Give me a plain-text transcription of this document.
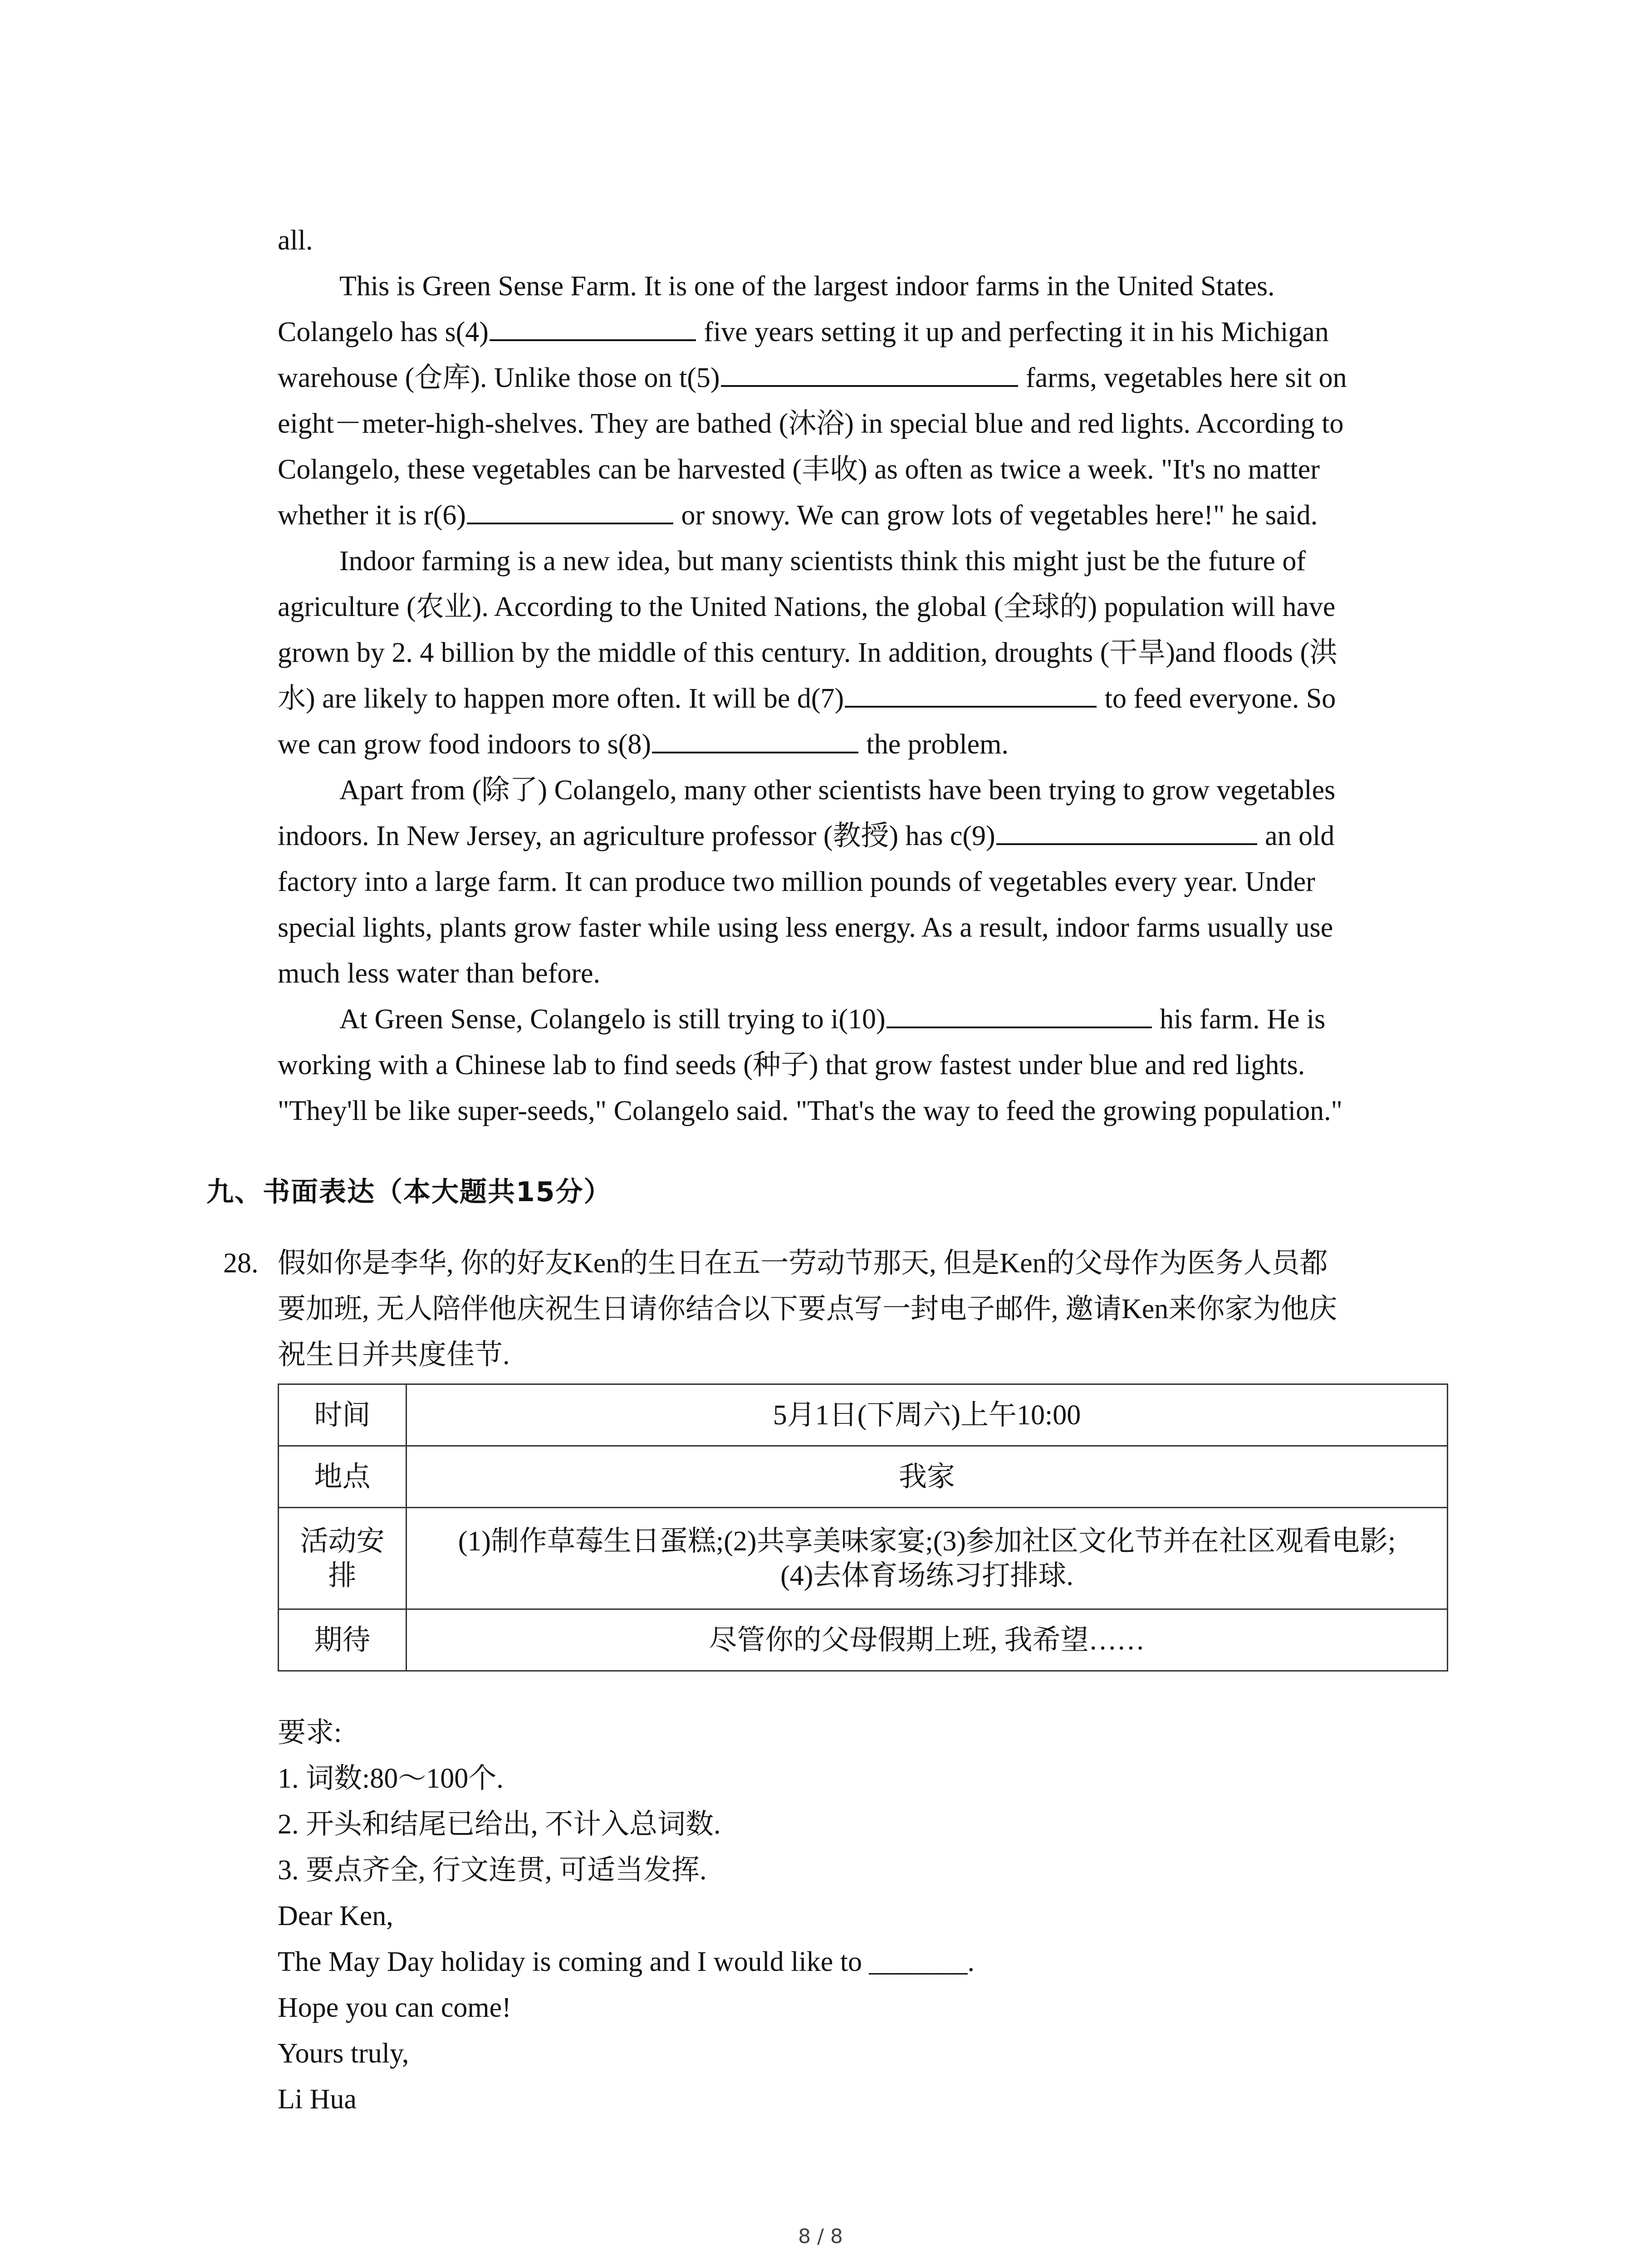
all.
This is Green Sense Farm. It is one of the largest indoor farms in the United States.
Colangelo has s(4)	five years setting it up and perfecting it in his Michigan
warehouse (仓库). Unlike those on t(5)	farms, vegetables here sit on
eight－meter-high-shelves. They are bathed (沐浴) in special blue and red lights. According to
Colangelo, these vegetables can be harvested (丰收) as often as twice a week. "It's no matter
whether it is r(6)	or snowy. We can grow lots of vegetables here!" he said.
Indoor farming is a new idea, but many scientists think this might just be the future of
agriculture (农业). According to the United Nations, the global (全球的) population will have
grown by 2. 4 billion by the middle of this century. In addition, droughts (干旱)and floods (洪
水) are likely to happen more often. It will be d(7)	to feed everyone. So
we can grow food indoors to s(8)	the problem.
Apart from (除了) Colangelo, many other scientists have been trying to grow vegetables
indoors. In New Jersey, an agriculture professor (教授) has c(9)	an old
factory into a large farm. It can produce two million pounds of vegetables every year. Under
special lights, plants grow faster while using less energy. As a result, indoor farms usually use
much less water than before.
At Green Sense, Colangelo is still trying to i(10)	his farm. He is
working with a Chinese lab to find seeds (种子) that grow fastest under blue and red lights.
"They'll be like super-seeds," Colangelo said. "That's the way to feed the growing population."
九、书面表达（本大题共15分）
28. 假如你是李华, 你的好友Ken的生日在五一劳动节那天, 但是Ken的父母作为医务人员都
要加班, 无人陪伴他庆祝生日请你结合以下要点写一封电子邮件, 邀请Ken来你家为他庆
祝生日并共度佳节.
时间	5月1日(下周六)上午10:00
地点	我家

活动安排	(1)制作草莓生日蛋糕;(2)共享美味家宴;(3)参加社区文化节并在社区观看电影;
(4)去体育场练习打排球.

期待	尽管你的父母假期上班, 我希望……
要求:
1. 词数:80～100个.
2. 开头和结尾已给出, 不计入总词数.
3. 要点齐全, 行文连贯, 可适当发挥.
Dear Ken,
The May Day holiday is coming and I would like to _______.
Hope you can come!
Yours truly,
Li Hua
8 / 8
